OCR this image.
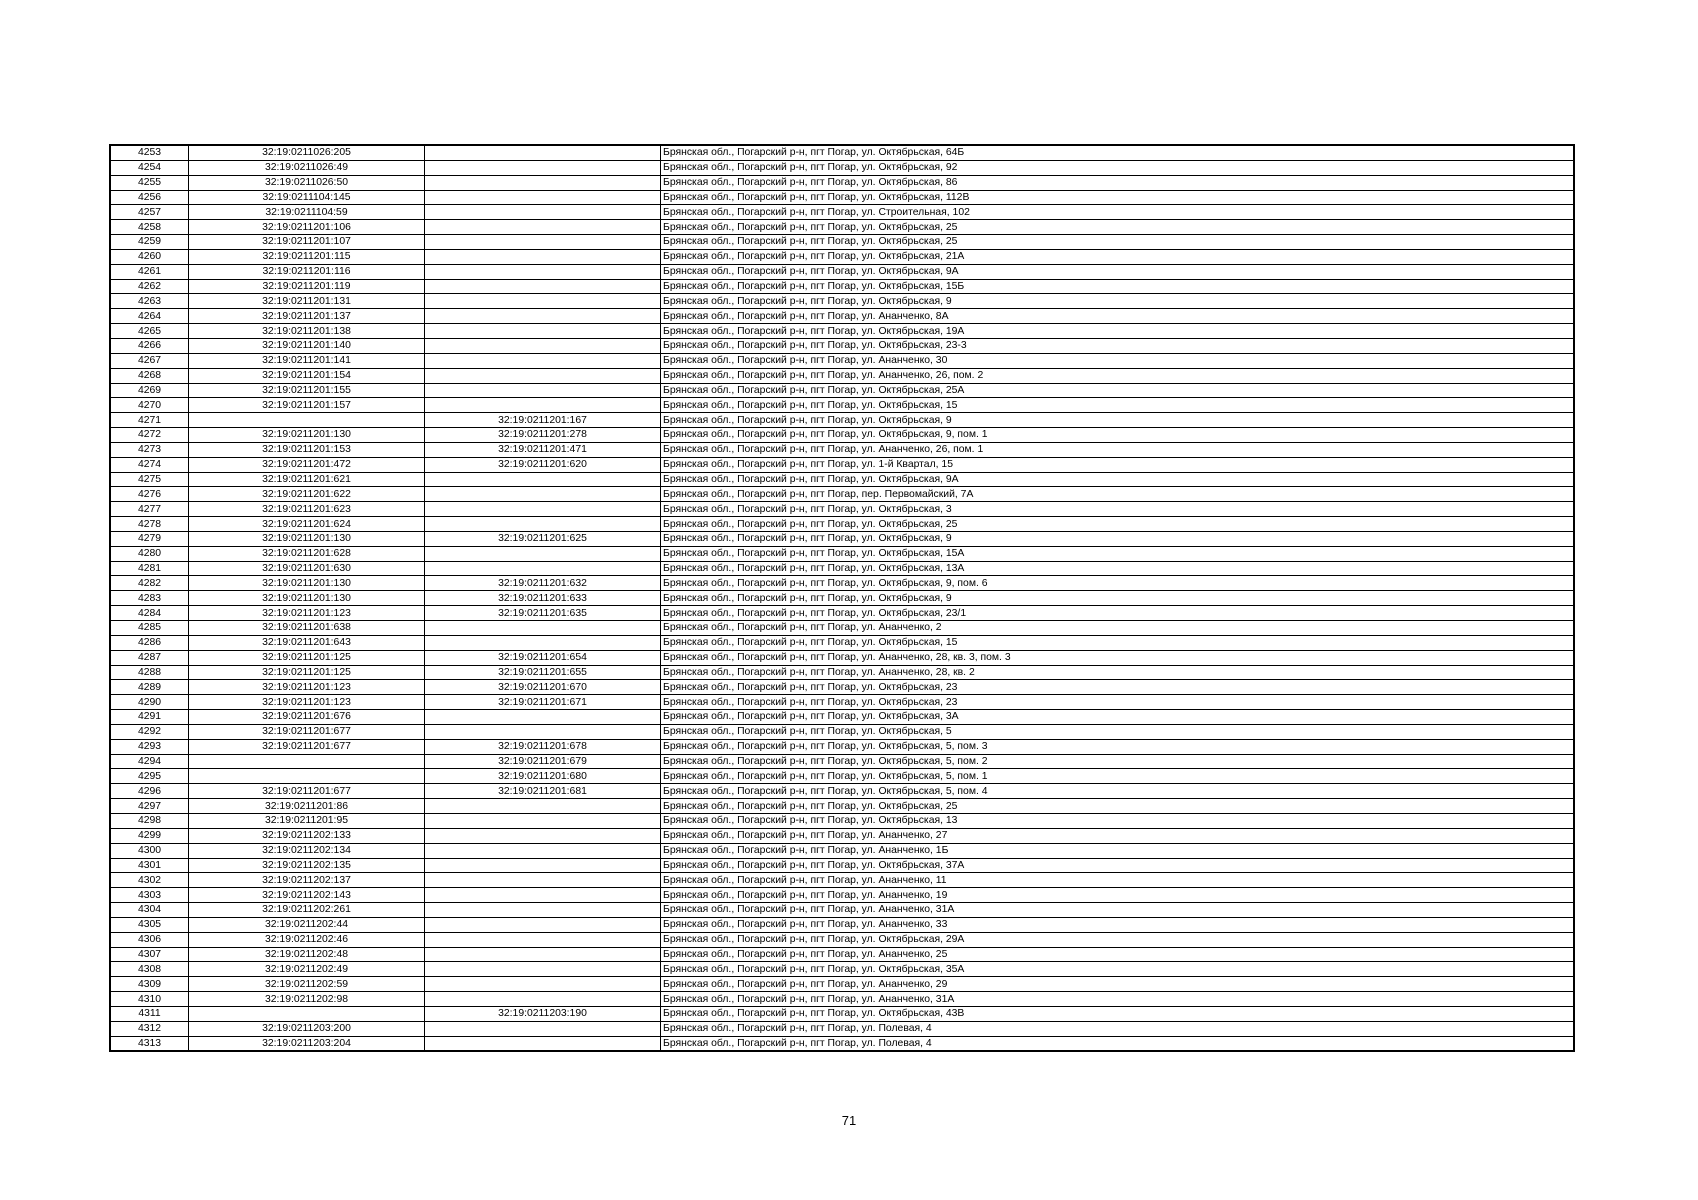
4253	32:19:0211026:205		Брянская обл., Погарский р-н, пгт Погар, ул. Октябрьская, 64Б
4254	32:19:0211026:49		Брянская обл., Погарский р-н, пгт Погар, ул. Октябрьская, 92
4255	32:19:0211026:50		Брянская обл., Погарский р-н, пгт Погар, ул. Октябрьская, 86
4256	32:19:0211104:145		Брянская обл., Погарский р-н, пгт Погар, ул. Октябрьская, 112В
4257	32:19:0211104:59		Брянская обл., Погарский р-н, пгт Погар, ул. Строительная, 102
4258	32:19:0211201:106		Брянская обл., Погарский р-н, пгт Погар, ул. Октябрьская, 25
4259	32:19:0211201:107		Брянская обл., Погарский р-н, пгт Погар, ул. Октябрьская, 25
4260	32:19:0211201:115		Брянская обл., Погарский р-н, пгт Погар, ул. Октябрьская, 21А
4261	32:19:0211201:116		Брянская обл., Погарский р-н, пгт Погар, ул. Октябрьская, 9А
4262	32:19:0211201:119		Брянская обл., Погарский р-н, пгт Погар, ул. Октябрьская, 15Б
4263	32:19:0211201:131		Брянская обл., Погарский р-н, пгт Погар, ул. Октябрьская, 9
4264	32:19:0211201:137		Брянская обл., Погарский р-н, пгт Погар, ул. Ананченко, 8А
4265	32:19:0211201:138		Брянская обл., Погарский р-н, пгт Погар, ул. Октябрьская, 19А
4266	32:19:0211201:140		Брянская обл., Погарский р-н, пгт Погар, ул. Октябрьская, 23-3
4267	32:19:0211201:141		Брянская обл., Погарский р-н, пгт Погар, ул. Ананченко, 30
4268	32:19:0211201:154		Брянская обл., Погарский р-н, пгт Погар, ул. Ананченко, 26, пом. 2
4269	32:19:0211201:155		Брянская обл., Погарский р-н, пгт Погар, ул. Октябрьская, 25А
4270	32:19:0211201:157		Брянская обл., Погарский р-н, пгт Погар, ул. Октябрьская, 15
4271		32:19:0211201:167	Брянская обл., Погарский р-н, пгт Погар, ул. Октябрьская, 9
4272	32:19:0211201:130	32:19:0211201:278	Брянская обл., Погарский р-н, пгт Погар, ул. Октябрьская, 9, пом. 1
4273	32:19:0211201:153	32:19:0211201:471	Брянская обл., Погарский р-н, пгт Погар, ул. Ананченко, 26, пом. 1
4274	32:19:0211201:472	32:19:0211201:620	Брянская обл., Погарский р-н, пгт Погар, ул. 1-й Квартал, 15
4275	32:19:0211201:621		Брянская обл., Погарский р-н, пгт Погар, ул. Октябрьская, 9А
4276	32:19:0211201:622		Брянская обл., Погарский р-н, пгт Погар, пер. Первомайский, 7А
4277	32:19:0211201:623		Брянская обл., Погарский р-н, пгт Погар, ул. Октябрьская, 3
4278	32:19:0211201:624		Брянская обл., Погарский р-н, пгт Погар, ул. Октябрьская, 25
4279	32:19:0211201:130	32:19:0211201:625	Брянская обл., Погарский р-н, пгт Погар, ул. Октябрьская, 9
4280	32:19:0211201:628		Брянская обл., Погарский р-н, пгт Погар, ул. Октябрьская, 15А
4281	32:19:0211201:630		Брянская обл., Погарский р-н, пгт Погар, ул. Октябрьская, 13А
4282	32:19:0211201:130	32:19:0211201:632	Брянская обл., Погарский р-н, пгт Погар, ул. Октябрьская, 9, пом. 6
4283	32:19:0211201:130	32:19:0211201:633	Брянская обл., Погарский р-н, пгт Погар, ул. Октябрьская, 9
4284	32:19:0211201:123	32:19:0211201:635	Брянская обл., Погарский р-н, пгт Погар, ул. Октябрьская, 23/1
4285	32:19:0211201:638		Брянская обл., Погарский р-н, пгт Погар, ул. Ананченко, 2
4286	32:19:0211201:643		Брянская обл., Погарский р-н, пгт Погар, ул. Октябрьская, 15
4287	32:19:0211201:125	32:19:0211201:654	Брянская обл., Погарский р-н, пгт Погар, ул. Ананченко, 28, кв. 3, пом. 3
4288	32:19:0211201:125	32:19:0211201:655	Брянская обл., Погарский р-н, пгт Погар, ул. Ананченко, 28, кв. 2
4289	32:19:0211201:123	32:19:0211201:670	Брянская обл., Погарский р-н, пгт Погар, ул. Октябрьская, 23
4290	32:19:0211201:123	32:19:0211201:671	Брянская обл., Погарский р-н, пгт Погар, ул. Октябрьская, 23
4291	32:19:0211201:676		Брянская обл., Погарский р-н, пгт Погар, ул. Октябрьская, 3А
4292	32:19:0211201:677		Брянская обл., Погарский р-н, пгт Погар, ул. Октябрьская, 5
4293	32:19:0211201:677	32:19:0211201:678	Брянская обл., Погарский р-н, пгт Погар, ул. Октябрьская, 5, пом. 3
4294		32:19:0211201:679	Брянская обл., Погарский р-н, пгт Погар, ул. Октябрьская, 5, пом. 2
4295		32:19:0211201:680	Брянская обл., Погарский р-н, пгт Погар, ул. Октябрьская, 5, пом. 1
4296	32:19:0211201:677	32:19:0211201:681	Брянская обл., Погарский р-н, пгт Погар, ул. Октябрьская, 5, пом. 4
4297	32:19:0211201:86		Брянская обл., Погарский р-н, пгт Погар, ул. Октябрьская, 25
4298	32:19:0211201:95		Брянская обл., Погарский р-н, пгт Погар, ул. Октябрьская, 13
4299	32:19:0211202:133		Брянская обл., Погарский р-н, пгт Погар, ул. Ананченко, 27
4300	32:19:0211202:134		Брянская обл., Погарский р-н, пгт Погар, ул. Ананченко, 1Б
4301	32:19:0211202:135		Брянская обл., Погарский р-н, пгт Погар, ул. Октябрьская, 37А
4302	32:19:0211202:137		Брянская обл., Погарский р-н, пгт Погар, ул. Ананченко, 11
4303	32:19:0211202:143		Брянская обл., Погарский р-н, пгт Погар, ул. Ананченко, 19
4304	32:19:0211202:261		Брянская обл., Погарский р-н, пгт Погар, ул. Ананченко, 31А
4305	32:19:0211202:44		Брянская обл., Погарский р-н, пгт Погар, ул. Ананченко, 33
4306	32:19:0211202:46		Брянская обл., Погарский р-н, пгт Погар, ул. Октябрьская, 29А
4307	32:19:0211202:48		Брянская обл., Погарский р-н, пгт Погар, ул. Ананченко, 25
4308	32:19:0211202:49		Брянская обл., Погарский р-н, пгт Погар, ул. Октябрьская, 35А
4309	32:19:0211202:59		Брянская обл., Погарский р-н, пгт Погар, ул. Ананченко, 29
4310	32:19:0211202:98		Брянская обл., Погарский р-н, пгт Погар, ул. Ананченко, 31А
4311		32:19:0211203:190	Брянская обл., Погарский р-н, пгт Погар, ул. Октябрьская, 43В
4312	32:19:0211203:200		Брянская обл., Погарский р-н, пгт Погар, ул. Полевая, 4
4313	32:19:0211203:204		Брянская обл., Погарский р-н, пгт Погар, ул. Полевая, 4
71
